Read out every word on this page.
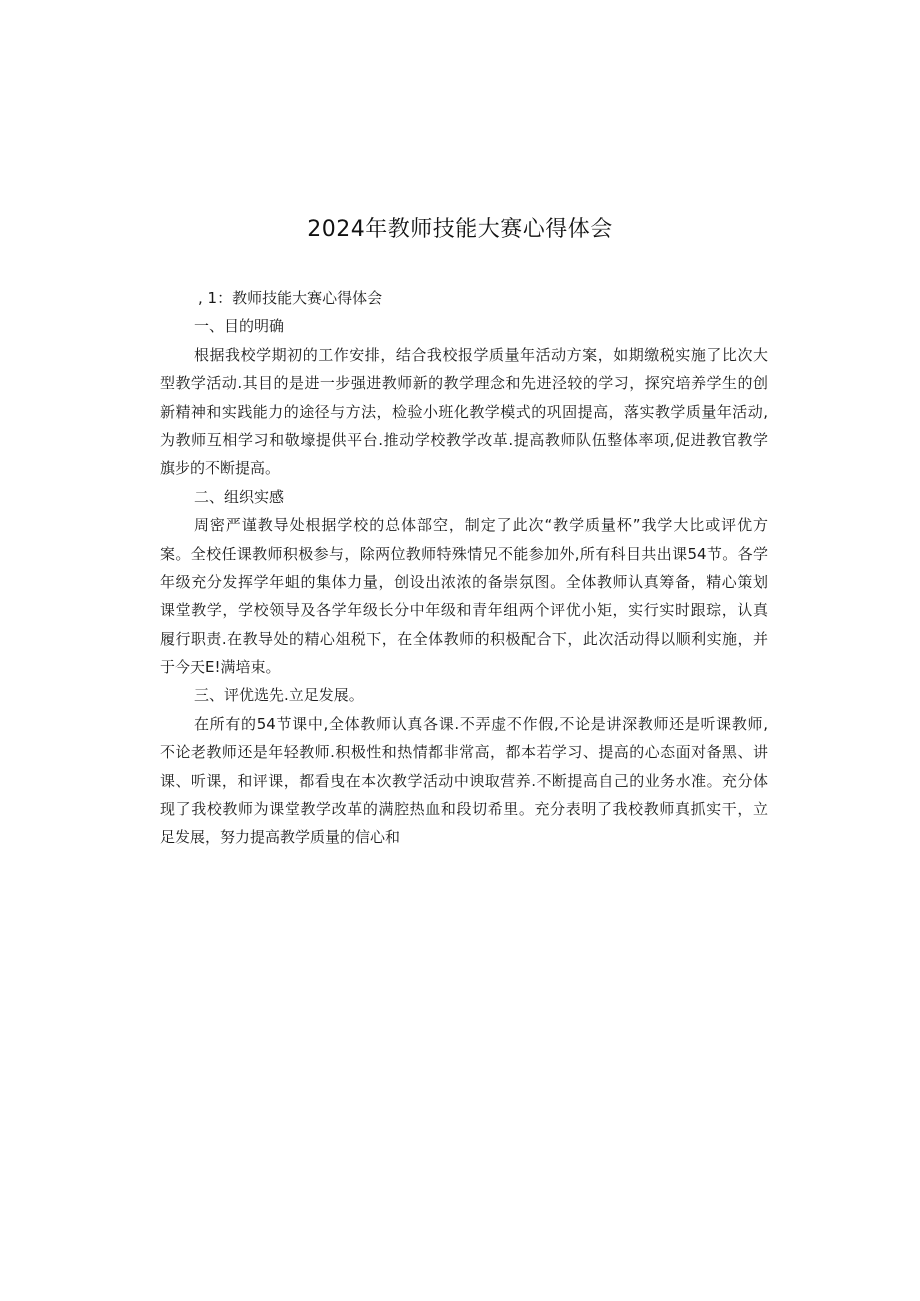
2024年教师技能大赛心得体会
, 1：教师技能大赛心得体会
一、目的明确
根据我校学期初的工作安排，结合我校报学质量年活动方案，如期缴税实施了比次大
型教学活动.其目的是进一步强进教师新的教学理念和先进泾较的学习，探究培养学生的创
新精神和实践能力的途径与方法，检验小班化教学模式的巩固提高，落实教学质量年活动,
为教师互相学习和敬壕提供平台.推动学校教学改革.提高教师队伍整体率项,促进教官教学
旗步的不断提高。
二、组织实感
周密严谨教导处根据学校的总体部空，制定了此次“教学质量杯”我学大比或评优方
案。全校任课教师积极参与，除两位教师特殊情兄不能参加外,所有科目共出课54节。各学
年级充分发挥学年蛆的集体力量，创设出浓浓的备崇氛图。全体教师认真筹备，精心策划
课堂教学，学校领导及各学年级长分中年级和青年组两个评优小矩，实行实时跟琮，认真
履行职责.在教导处的精心俎税下，在全体教师的积极配合下，此次活动得以顺利实施，并
于今天E!满培束。
三、评优选先.立足发展。
在所有的54节课中,全体教师认真各课.不弄虚不作假,不论是讲深教师还是听课教师,
不论老教师还是年轻教师.积极性和热情都非常高，都本若学习、提高的心态面对备黑、讲
课、听课，和评课，都看曳在本次教学活动中谀取营养.不断提高自己的业务水准。充分体
现了我校教师为课堂教学改革的满腔热血和段切希里。充分表明了我校教师真抓实干，立
足发展，努力提高教学质量的信心和
